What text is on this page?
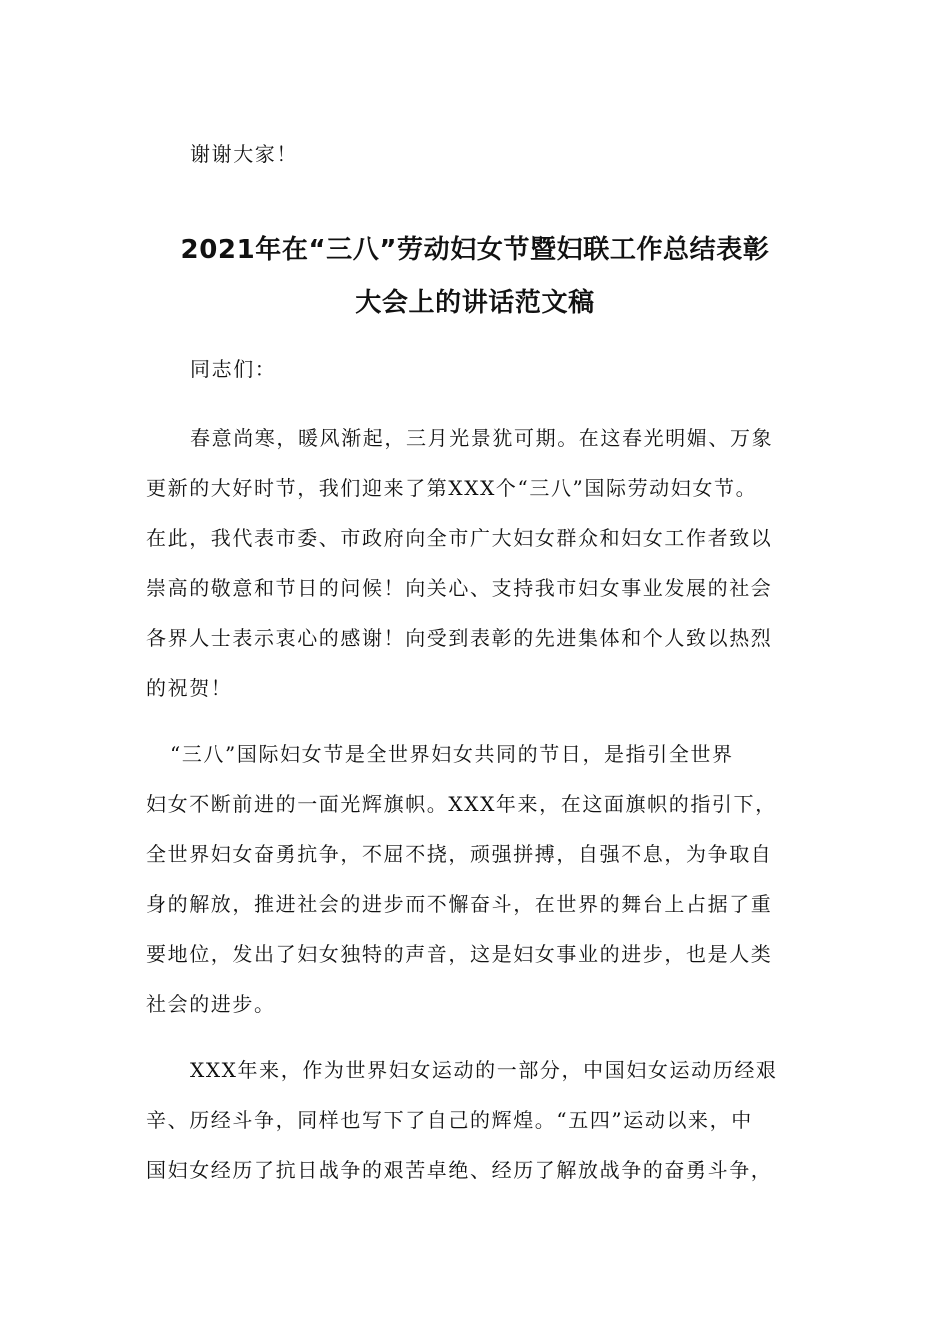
谢谢大家！
2021年在“三八”劳动妇女节暨妇联工作总结表彰
大会上的讲话范文稿
同志们：
春意尚寒，暖风渐起，三月光景犹可期。在这春光明媚、万象
更新的大好时节，我们迎来了第XXX个“三八”国际劳动妇女节。
在此，我代表市委、市政府向全市广大妇女群众和妇女工作者致以
崇高的敬意和节日的问候！向关心、支持我市妇女事业发展的社会
各界人士表示衷心的感谢！向受到表彰的先进集体和个人致以热烈
的祝贺！
“三八”国际妇女节是全世界妇女共同的节日，是指引全世界
妇女不断前进的一面光辉旗帜。XXX年来，在这面旗帜的指引下，
全世界妇女奋勇抗争，不屈不挠，顽强拼搏，自强不息，为争取自
身的解放，推进社会的进步而不懈奋斗，在世界的舞台上占据了重
要地位，发出了妇女独特的声音，这是妇女事业的进步，也是人类
社会的进步。
XXX年来，作为世界妇女运动的一部分，中国妇女运动历经艰
辛、历经斗争，同样也写下了自己的辉煌。“五四”运动以来，中
国妇女经历了抗日战争的艰苦卓绝、经历了解放战争的奋勇斗争，
